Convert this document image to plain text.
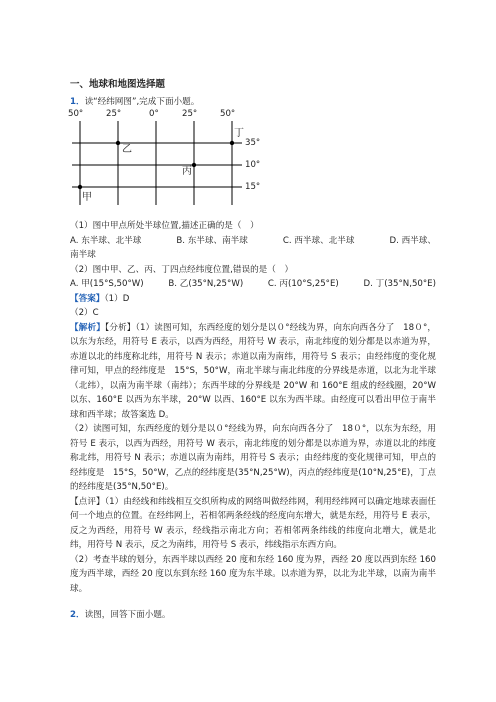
一、地球和地图选择题
1．读“经纬网图”,完成下面小题。
50°	25°	0°	25°	50°
35°
10°
15°
乙
丁
丙
甲

（1）图中甲点所处半球位置,描述正确的是（　）

A. 东半球、北半球	B. 东半球、南半球	C. 西半球、北半球	D. 西半球、

南半球

（2）图中甲、乙、丙、丁四点经纬度位置,错误的是（　）

A. 甲(15°S,50°W)	B. 乙(35°N,25°W)	C. 丙(10°S,25°E)	D. 丁(35°N,50°E)

【答案】（1）D

（2）C

【解析】【分析】（1）读图可知，东西经度的划分是以０°经线为界，向东向西各分了　18０°，以东为东经，用符号 E 表示，以西为西经，用符号 W 表示，南北纬度的划分都是以赤道为界，赤道以北的纬度称北纬，用符号 N 表示；赤道以南为南纬，用符号 S 表示；由经纬度的变化规律可知，甲点的经纬度是　15°S，50°W，南北半球与南北纬度的分界线是赤道，以北为北半球（北纬），以南为南半球（南纬）；东西半球的分界线是 20°W 和 160°E 组成的经线圈，20°W 以东、160°E 以西为东半球，20°W 以西、160°E 以东为西半球。由经度可以看出甲位于南半球和西半球；故答案选 D。

（2）读图可知，东西经度的划分是以０°经线为界，向东向西各分了　18０°，以东为东经，用符号 E 表示，以西为西经，用符号 W 表示，南北纬度的划分都是以赤道为界，赤道以北的纬度称北纬，用符号 N 表示；赤道以南为南纬，用符号 S 表示；由经纬度的变化规律可知，甲点的经纬度是　15°S，50°W，乙点的经纬度是(35°N,25°W)，丙点的经纬度是(10°N,25°E)，丁点的经纬度是(35°N,50°E)。

【点评】（1）由经线和纬线相互交织所构成的网络叫做经纬网，利用经纬网可以确定地球表面任何一个地点的位置。在经纬网上，若相邻两条经线的经度向东增大，就是东经，用符号 E 表示，反之为西经，用符号 W 表示，经线指示南北方向；若相邻两条纬线的纬度向北增大，就是北纬，用符号 N 表示，反之为南纬，用符号 S 表示，纬线指示东西方向。

（2）考查半球的划分，东西半球以西经 20 度和东经 160 度为界，西经 20 度以西到东经 160 度为西半球，西经 20 度以东到东经 160 度为东半球。以赤道为界，以北为北半球，以南为南半球。

2．读图，回答下面小题。
